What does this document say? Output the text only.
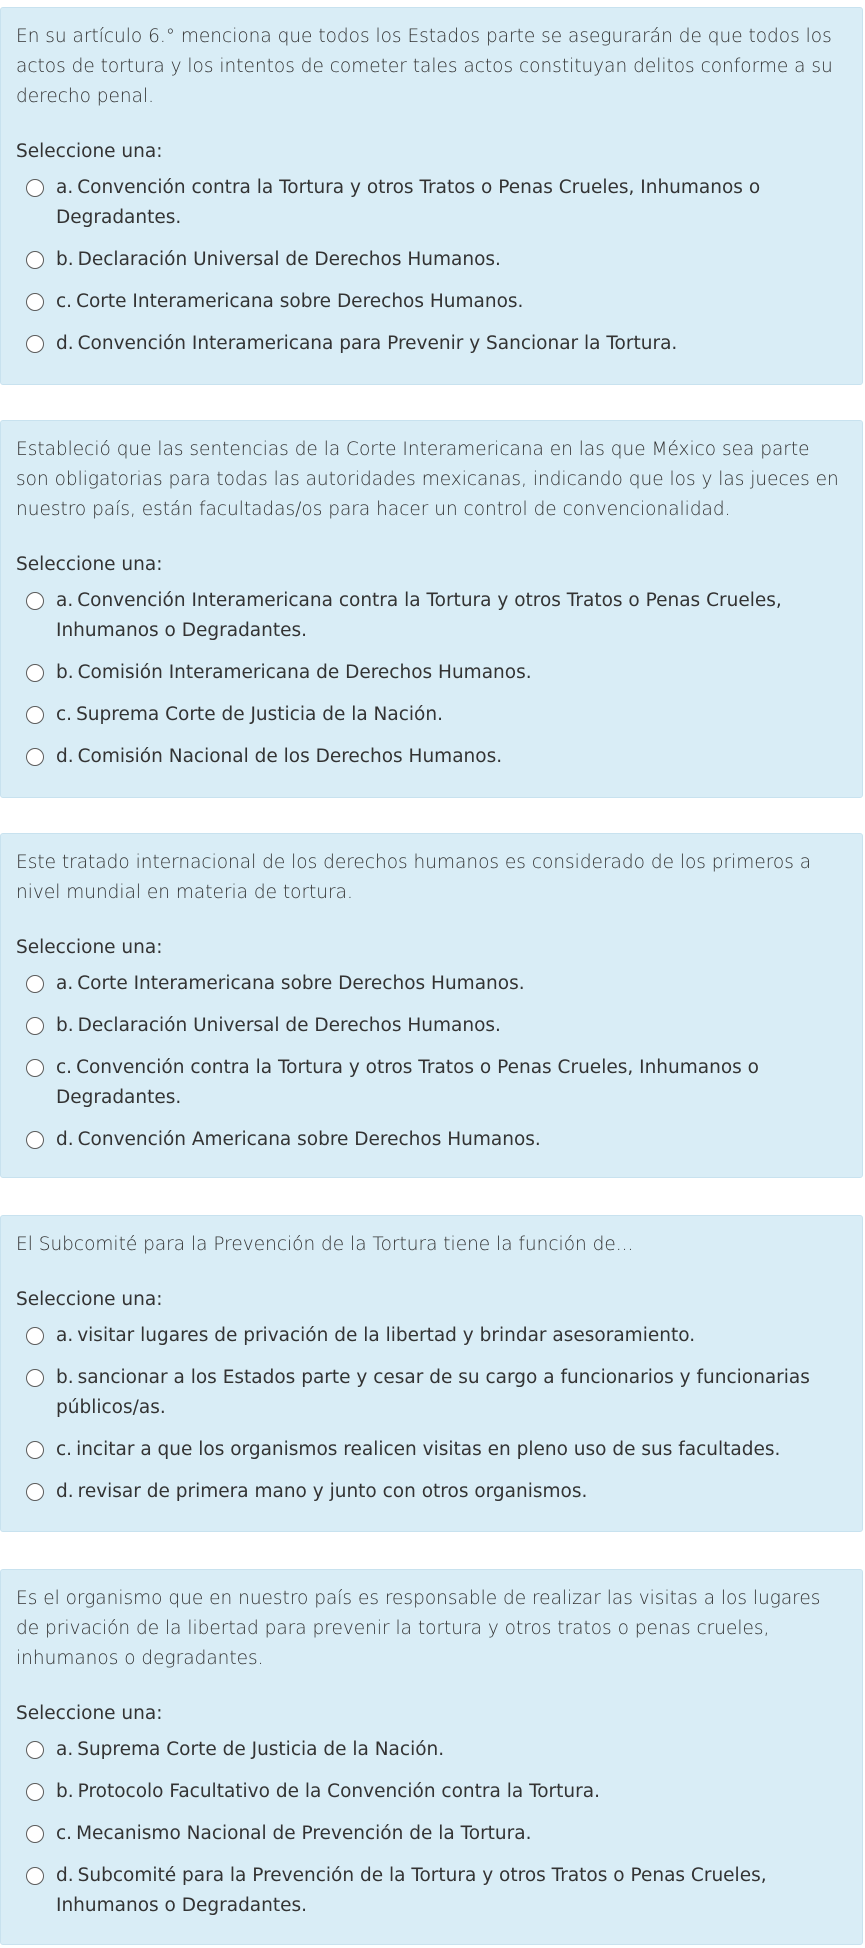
En su artículo 6.° menciona que todos los Estados parte se asegurarán de que todos los actos de tortura y los intentos de cometer tales actos constituyan delitos conforme a su derecho penal.

Seleccione una:
a. Convención contra la Tortura y otros Tratos o Penas Crueles, Inhumanos o Degradantes.
b. Declaración Universal de Derechos Humanos.
c. Corte Interamericana sobre Derechos Humanos.
d. Convención Interamericana para Prevenir y Sancionar la Tortura.

Estableció que las sentencias de la Corte Interamericana en las que México sea parte son obligatorias para todas las autoridades mexicanas, indicando que los y las jueces en nuestro país, están facultadas/os para hacer un control de convencionalidad.

Seleccione una:
a. Convención Interamericana contra la Tortura y otros Tratos o Penas Crueles, Inhumanos o Degradantes.
b. Comisión Interamericana de Derechos Humanos.
c. Suprema Corte de Justicia de la Nación.
d. Comisión Nacional de los Derechos Humanos.

Este tratado internacional de los derechos humanos es considerado de los primeros a nivel mundial en materia de tortura.

Seleccione una:
a. Corte Interamericana sobre Derechos Humanos.
b. Declaración Universal de Derechos Humanos.
c. Convención contra la Tortura y otros Tratos o Penas Crueles, Inhumanos o Degradantes.
d. Convención Americana sobre Derechos Humanos.

El Subcomité para la Prevención de la Tortura tiene la función de...

Seleccione una:
a. visitar lugares de privación de la libertad y brindar asesoramiento.
b. sancionar a los Estados parte y cesar de su cargo a funcionarios y funcionarias públicos/as.
c. incitar a que los organismos realicen visitas en pleno uso de sus facultades.
d. revisar de primera mano y junto con otros organismos.

Es el organismo que en nuestro país es responsable de realizar las visitas a los lugares de privación de la libertad para prevenir la tortura y otros tratos o penas crueles, inhumanos o degradantes.

Seleccione una:
a. Suprema Corte de Justicia de la Nación.
b. Protocolo Facultativo de la Convención contra la Tortura.
c. Mecanismo Nacional de Prevención de la Tortura.
d. Subcomité para la Prevención de la Tortura y otros Tratos o Penas Crueles, Inhumanos o Degradantes.
